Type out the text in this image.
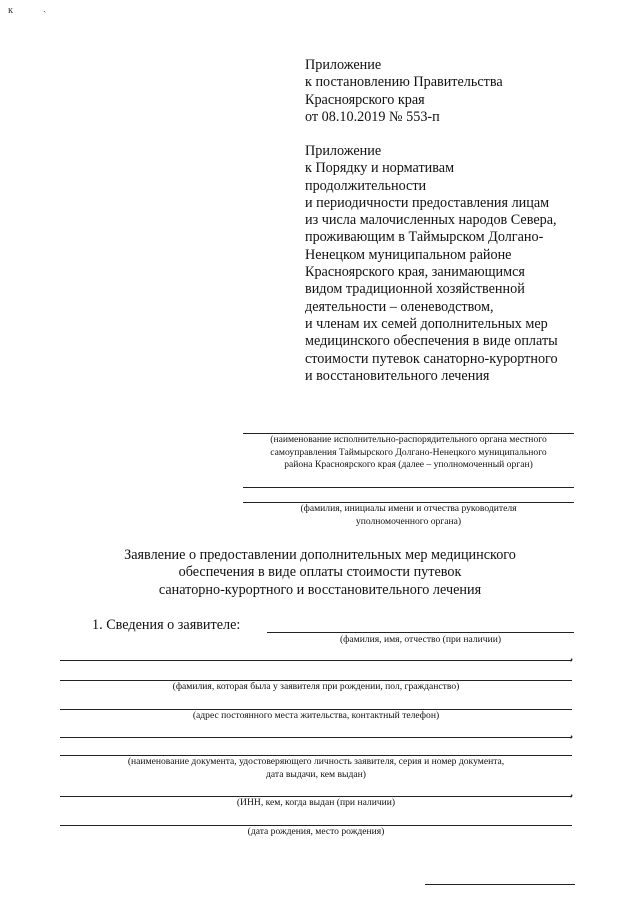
ĸ	ˎ
Приложение
к постановлению Правительства
Красноярского края
от 08.10.2019 № 553-п
Приложение
к Порядку и нормативам
продолжительности
и периодичности предоставления лицам
из числа малочисленных народов Севера,
проживающим в Таймырском Долгано-
Ненецком муниципальном районе
Красноярского края, занимающимся
видом традиционной хозяйственной
деятельности – оленеводством,
и членам их семей дополнительных мер
медицинского обеспечения в виде оплаты
стоимости путевок санаторно-курортного
и восстановительного лечения
(наименование исполнительно-распорядительного органа местного
самоуправления Таймырского Долгано-Ненецкого муниципального
района Красноярского края (далее – уполномоченный орган)
(фамилия, инициалы имени и отчества руководителя
уполномоченного органа)
Заявление о предоставлении дополнительных мер медицинского
обеспечения в виде оплаты стоимости путевок
санаторно-курортного и восстановительного лечения
1. Сведения о заявителе:
(фамилия, имя, отчество (при наличии)
,
(фамилия, которая была у заявителя при рождении, пол, гражданство)
(адрес постоянного места жительства, контактный телефон)
,
(наименование документа, удостоверяющего личность заявителя, серия и номер документа,
дата выдачи, кем выдан)
,
(ИНН, кем, когда выдан (при наличии)
(дата рождения, место рождения)
